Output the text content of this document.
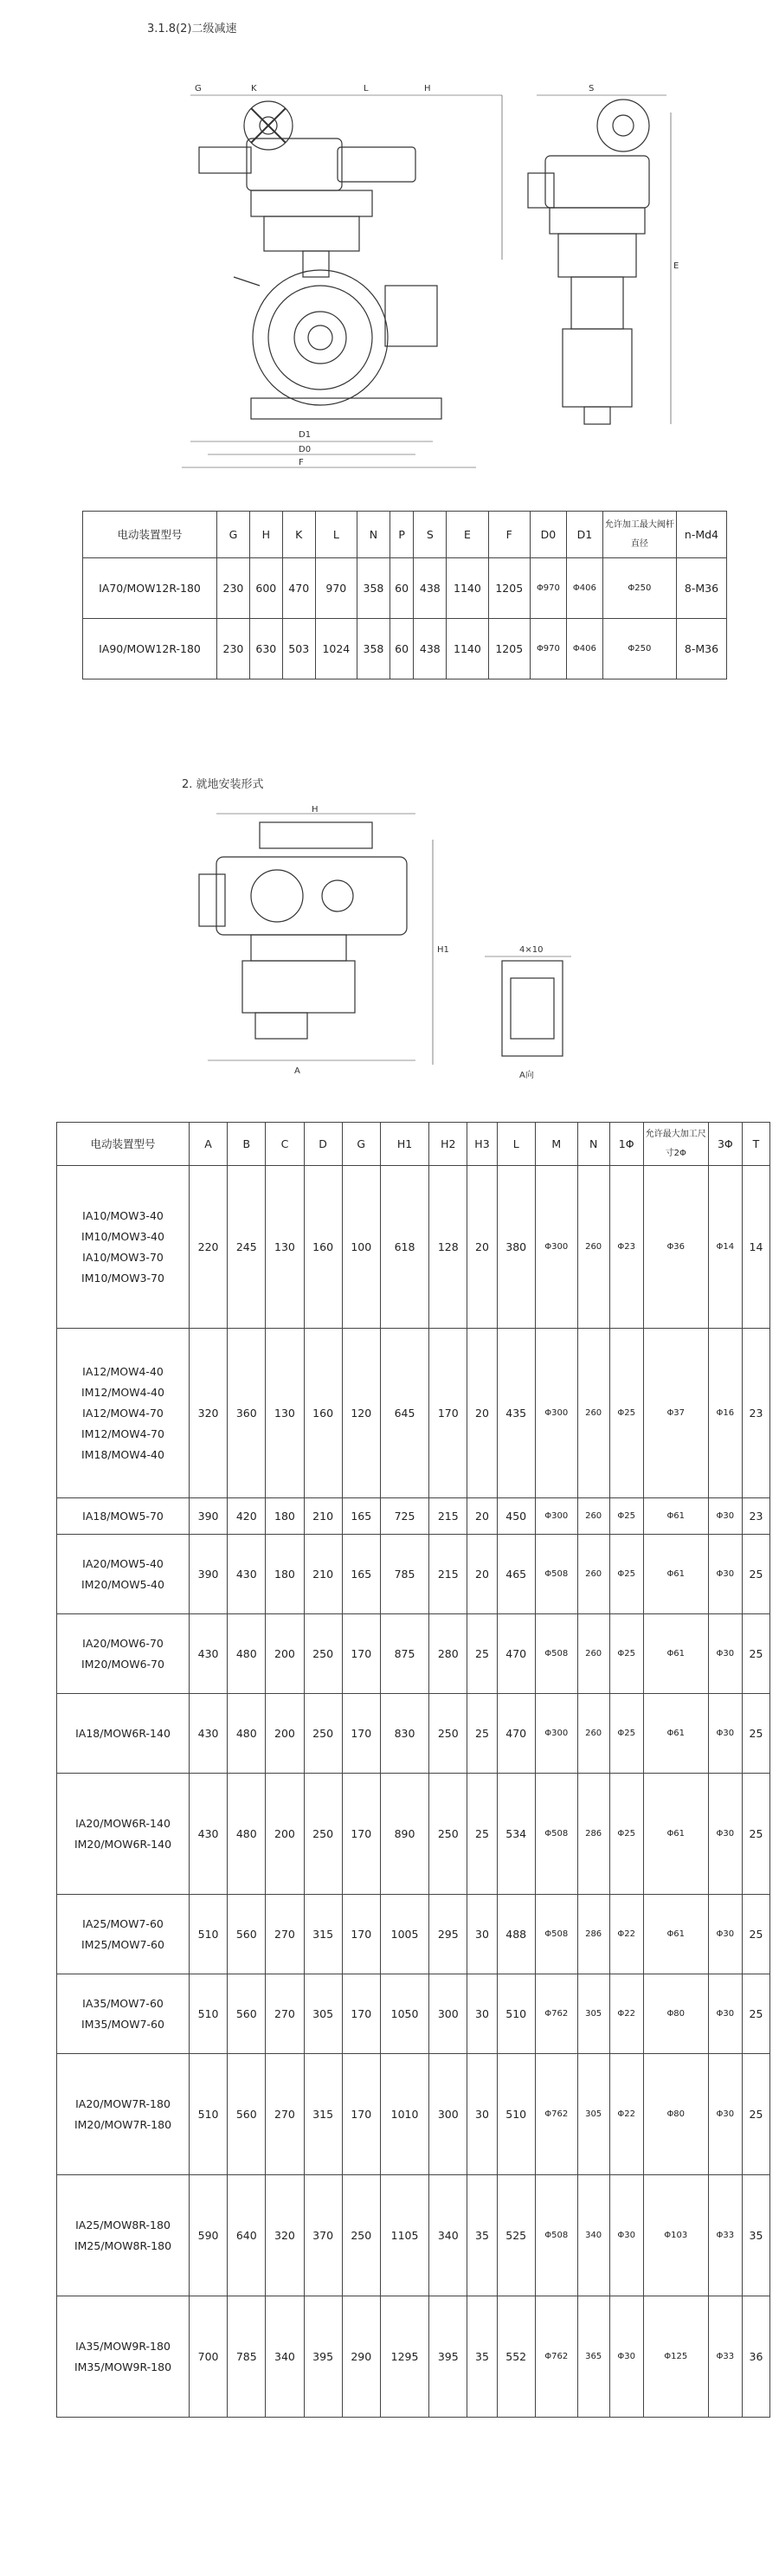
3.1.8(2)二级减速
G	K	L	H
D1
D0
F
S
E
电动装置型号	G	H	K	L	N	P	S	E	F	D0	D1	允许加工最大阀杆直径	n-Md4
IA70/MOW12R-180	230	600	470	970	358	60	438	1140	1205	Φ970	Φ406	Φ250	8-M36
IA90/MOW12R-180	230	630	503	1024	358	60	438	1140	1205	Φ970	Φ406	Φ250	8-M36
2. 就地安装形式
H
H1
A	A向
4×10
电动装置型号	A	B	C	D	G	H1	H2	H3	L	M	N	1Φ	允许最大加工尺寸2Φ	3Φ	T

IA10/MOW3-40
IM10/MOW3-40
IA10/MOW3-70
IM10/MOW3-70	220	245	130	160	100	618	128	20	380	Φ300	260	Φ23	Φ36	Φ14	14

IA12/MOW4-40
IM12/MOW4-40
IA12/MOW4-70
IM12/MOW4-70
IM18/MOW4-40	320	360	130	160	120	645	170	20	435	Φ300	260	Φ25	Φ37	Φ16	23

IA18/MOW5-70	390	420	180	210	165	725	215	20	450	Φ300	260	Φ25	Φ61	Φ30	23

IA20/MOW5-40
IM20/MOW5-40	390	430	180	210	165	785	215	20	465	Φ508	260	Φ25	Φ61	Φ30	25

IA20/MOW6-70
IM20/MOW6-70	430	480	200	250	170	875	280	25	470	Φ508	260	Φ25	Φ61	Φ30	25

IA18/MOW6R-140	430	480	200	250	170	830	250	25	470	Φ300	260	Φ25	Φ61	Φ30	25

IA20/MOW6R-140
IM20/MOW6R-140	430	480	200	250	170	890	250	25	534	Φ508	286	Φ25	Φ61	Φ30	25

IA25/MOW7-60
IM25/MOW7-60	510	560	270	315	170	1005	295	30	488	Φ508	286	Φ22	Φ61	Φ30	25

IA35/MOW7-60
IM35/MOW7-60	510	560	270	305	170	1050	300	30	510	Φ762	305	Φ22	Φ80	Φ30	25

IA20/MOW7R-180
IM20/MOW7R-180	510	560	270	315	170	1010	300	30	510	Φ762	305	Φ22	Φ80	Φ30	25

IA25/MOW8R-180
IM25/MOW8R-180	590	640	320	370	250	1105	340	35	525	Φ508	340	Φ30	Φ103	Φ33	35

IA35/MOW9R-180
IM35/MOW9R-180	700	785	340	395	290	1295	395	35	552	Φ762	365	Φ30	Φ125	Φ33	36
